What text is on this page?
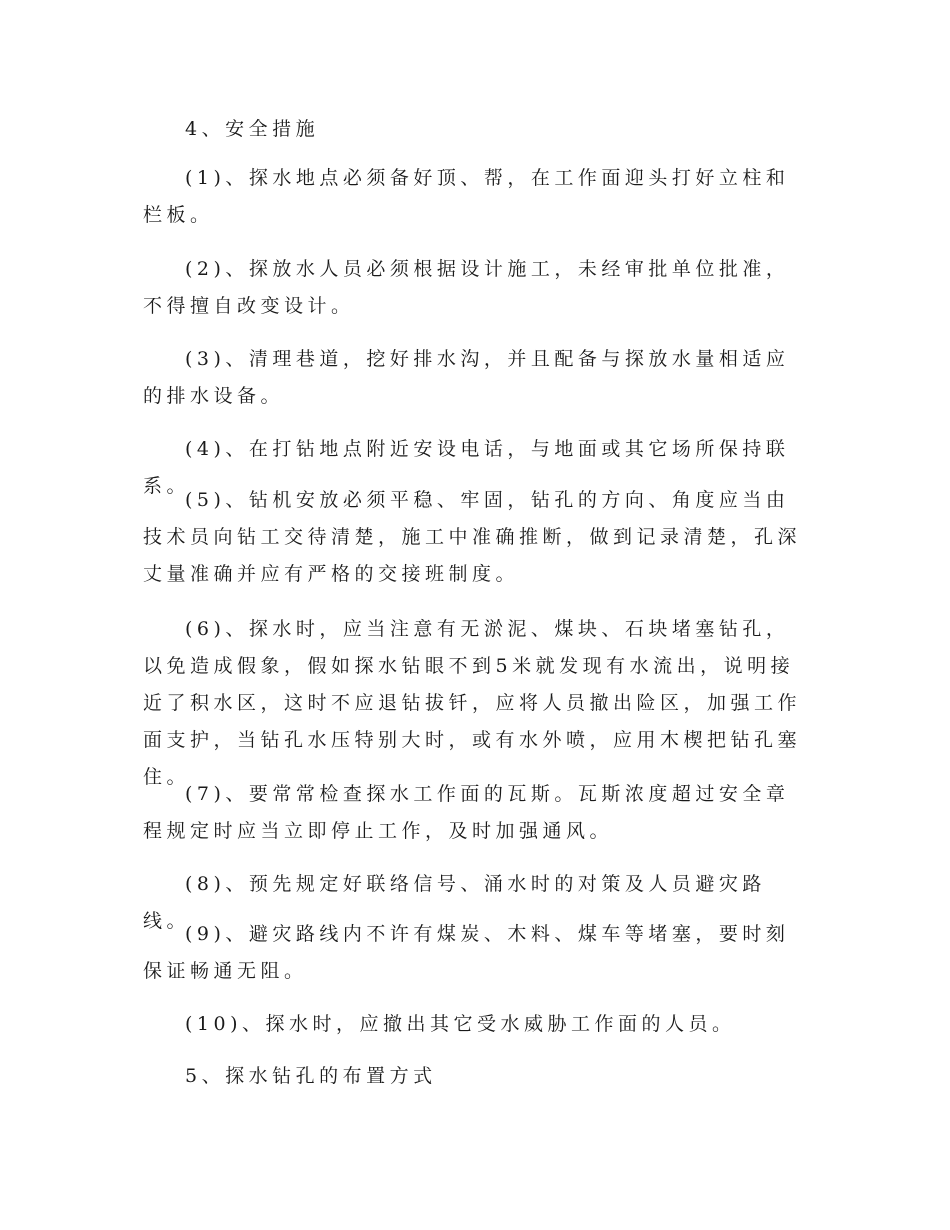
4、安全措施

(1)、探水地点必须备好顶、帮，在工作面迎头打好立柱和栏板。

(2)、探放水人员必须根据设计施工，未经审批单位批准，不得擅自改变设计。

(3)、清理巷道，挖好排水沟，并且配备与探放水量相适应的排水设备。

(4)、在打钻地点附近安设电话，与地面或其它场所保持联系。

(5)、钻机安放必须平稳、牢固，钻孔的方向、角度应当由技术员向钻工交待清楚，施工中准确推断，做到记录清楚，孔深丈量准确并应有严格的交接班制度。

(6)、探水时，应当注意有无淤泥、煤块、石块堵塞钻孔，以免造成假象，假如探水钻眼不到5米就发现有水流出，说明接近了积水区，这时不应退钻拔钎，应将人员撤出险区，加强工作面支护，当钻孔水压特别大时，或有水外喷，应用木楔把钻孔塞住。

(7)、要常常检查探水工作面的瓦斯。瓦斯浓度超过安全章程规定时应当立即停止工作，及时加强通风。

(8)、预先规定好联络信号、涌水时的对策及人员避灾路线。

(9)、避灾路线内不许有煤炭、木料、煤车等堵塞，要时刻保证畅通无阻。

(10)、探水时，应撤出其它受水威胁工作面的人员。

5、探水钻孔的布置方式
